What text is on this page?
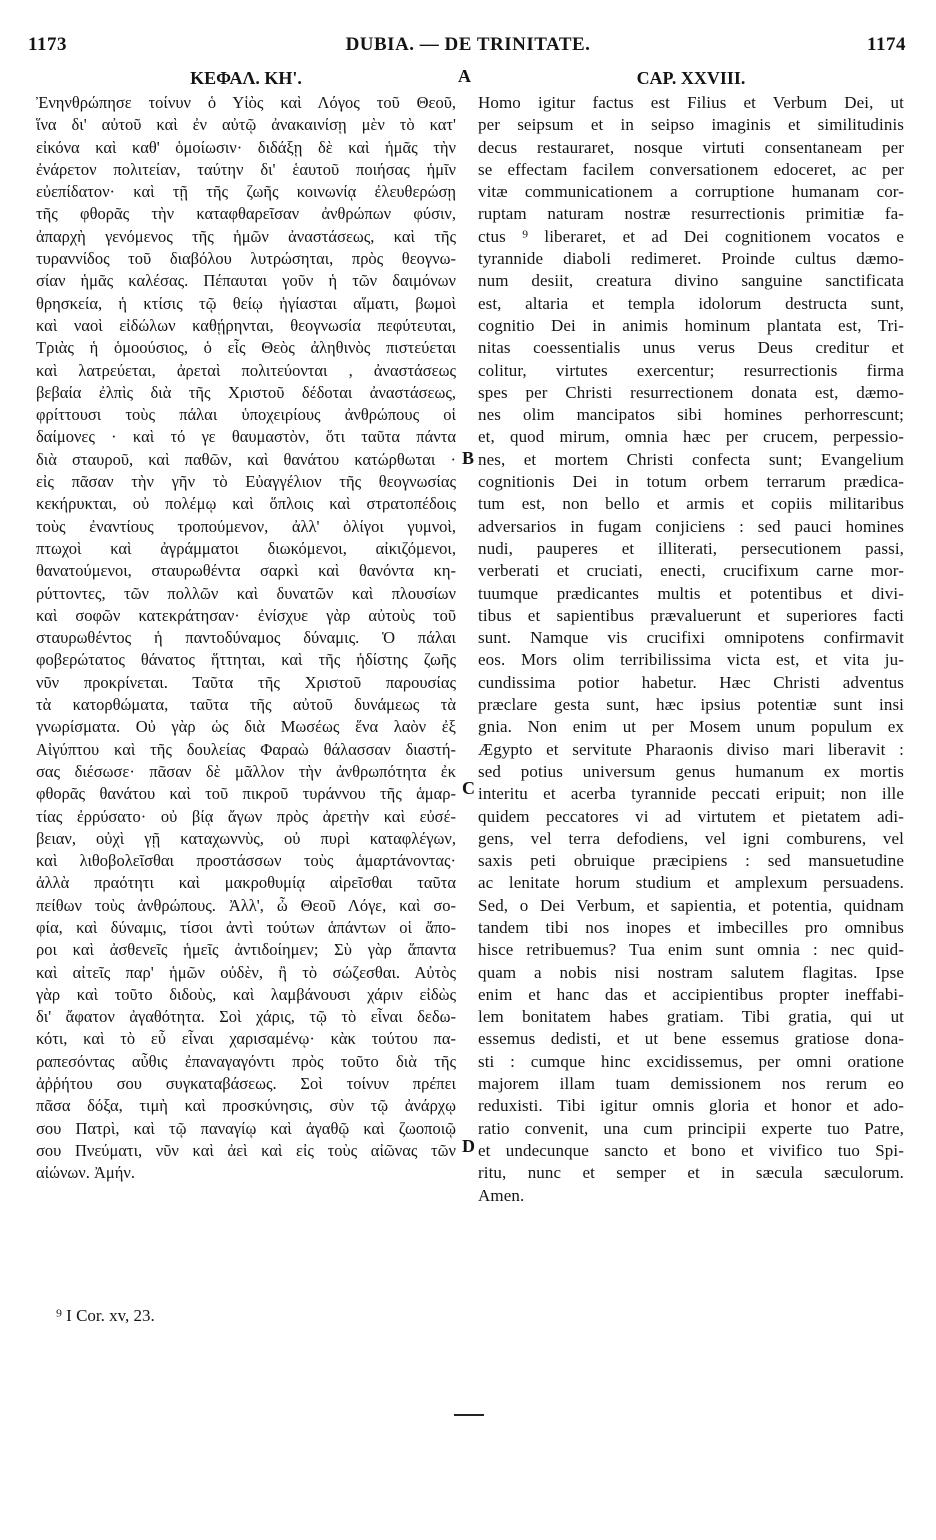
1173	DUBIA. — DE TRINITATE.	1174
ΚΕΦΑΛ. ΚΗ'.
Ἐνηνθρώπησε τοίνυν ὁ Υἱὸς καὶ Λόγος τοῦ Θεοῦ,
ἵνα δι' αὐτοῦ καὶ ἐν αὐτῷ ἀνακαινίσῃ μὲν τὸ κατ'
εἰκόνα καὶ καθ' ὁμοίωσιν· διδάξῃ δὲ καὶ ἡμᾶς τὴν
ἐνάρετον πολιτείαν, ταύτην δι' ἑαυτοῦ ποιήσας ἡμῖν
εὐεπίδατον· καὶ τῇ τῆς ζωῆς κοινωνίᾳ ἐλευθερώσῃ
τῆς φθορᾶς τὴν καταφθαρεῖσαν ἀνθρώπων φύσιν,
ἀπαρχὴ γενόμενος τῆς ἡμῶν ἀναστάσεως, καὶ τῆς
τυραννίδος τοῦ διαβόλου λυτρώσηται, πρὸς θεογνω-
σίαν ἡμᾶς καλέσας. Πέπαυται γοῦν ἡ τῶν δαιμόνων
θρησκεία, ἡ κτίσις τῷ θείῳ ἡγίασται αἵματι, βωμοὶ
καὶ ναοὶ εἰδώλων καθῄρηνται, θεογνωσία πεφύτευται,
Τριὰς ἡ ὁμοούσιος, ὁ εἷς Θεὸς ἀληθινὸς πιστεύεται
καὶ λατρεύεται, ἀρεταὶ πολιτεύονται , ἀναστάσεως
βεβαία ἐλπὶς διὰ τῆς Χριστοῦ δέδοται ἀναστάσεως,
φρίττουσι τοὺς πάλαι ὑποχειρίους ἀνθρώπους οἱ
δαίμονες · καὶ τό γε θαυμαστὸν, ὅτι ταῦτα πάντα
διὰ σταυροῦ, καὶ παθῶν, καὶ θανάτου κατώρθωται ·
εἰς πᾶσαν τὴν γῆν τὸ Εὐαγγέλιον τῆς θεογνωσίας
κεκήρυκται, οὐ πολέμῳ καὶ ὅπλοις καὶ στρατοπέδοις
τοὺς ἐναντίους τροπούμενον, ἀλλ' ὀλίγοι γυμνοὶ,
πτωχοὶ καὶ ἀγράμματοι διωκόμενοι, αἰκιζόμενοι,
θανατούμενοι, σταυρωθέντα σαρκὶ καὶ θανόντα κη-
ρύττοντες, τῶν πολλῶν καὶ δυνατῶν καὶ πλουσίων
καὶ σοφῶν κατεκράτησαν· ἐνίσχυε γὰρ αὐτοὺς τοῦ
σταυρωθέντος ἡ παντοδύναμος δύναμις. Ὁ πάλαι
φοβερώτατος θάνατος ἥττηται, καὶ τῆς ἡδίστης ζωῆς
νῦν προκρίνεται. Ταῦτα τῆς Χριστοῦ παρουσίας
τὰ κατορθώματα, ταῦτα τῆς αὐτοῦ δυνάμεως τὰ
γνωρίσματα. Οὐ γὰρ ὡς διὰ Μωσέως ἕνα λαὸν ἐξ
Αἰγύπτου καὶ τῆς δουλείας Φαραὼ θάλασσαν διαστή-
σας διέσωσε· πᾶσαν δὲ μᾶλλον τὴν ἀνθρωπότητα ἐκ
φθορᾶς θανάτου καὶ τοῦ πικροῦ τυράννου τῆς ἁμαρ-
τίας ἐρρύσατο· οὐ βίᾳ ἄγων πρὸς ἀρετὴν καὶ εὐσέ-
βειαν, οὐχὶ γῇ καταχωννὺς, οὐ πυρὶ καταφλέγων,
καὶ λιθοβολεῖσθαι προστάσσων τοὺς ἁμαρτάνοντας·
ἀλλὰ πραότητι καὶ μακροθυμίᾳ αἱρεῖσθαι ταῦτα
πείθων τοὺς ἀνθρώπους. Ἀλλ', ὦ Θεοῦ Λόγε, καὶ σο-
φία, καὶ δύναμις, τίσοι ἀντὶ τούτων ἁπάντων οἱ ἄπο-
ροι καὶ ἀσθενεῖς ἡμεῖς ἀντιδοίημεν; Σὺ γὰρ ἅπαντα
καὶ αἰτεῖς παρ' ἡμῶν οὐδὲν, ἢ τὸ σώζεσθαι. Αὐτὸς
γὰρ καὶ τοῦτο διδοὺς, καὶ λαμβάνουσι χάριν εἰδὼς
δι' ἄφατον ἀγαθότητα. Σοὶ χάρις, τῷ τὸ εἶναι δεδω-
κότι, καὶ τὸ εὖ εἶναι χαρισαμένῳ· κὰκ τούτου πα-
ραπεσόντας αὖθις ἐπαναγαγόντι πρὸς τοῦτο διὰ τῆς
ἀῤῥήτου σου συγκαταβάσεως. Σοὶ τοίνυν πρέπει
πᾶσα δόξα, τιμὴ καὶ προσκύνησις, σὺν τῷ ἀνάρχῳ
σου Πατρὶ, καὶ τῷ παναγίῳ καὶ ἀγαθῷ καὶ ζωοποιῷ
σου Πνεύματι, νῦν καὶ ἀεὶ καὶ εἰς τοὺς αἰῶνας τῶν
αἰώνων. Ἀμήν.
CAP. XXVIII.
Homo igitur factus est Filius et Verbum Dei, ut
per seipsum et in seipso imaginis et similitudinis
decus restauraret, nosque virtuti consentaneam per
se effectam facilem conversationem edoceret, ac per
vitæ communicationem a corruptione humanam cor-
ruptam naturam nostræ resurrectionis primitiæ fa-
ctus ⁹ liberaret, et ad Dei cognitionem vocatos e
tyrannide diaboli redimeret. Proinde cultus dæmo-
num desiit, creatura divino sanguine sanctificata
est, altaria et templa idolorum destructa sunt,
cognitio Dei in animis hominum plantata est, Tri-
nitas coessentialis unus verus Deus creditur et
colitur, virtutes exercentur; resurrectionis firma
spes per Christi resurrectionem donata est, dæmo-
nes olim mancipatos sibi homines perhorrescunt;
et, quod mirum, omnia hæc per crucem, perpessio-
nes, et mortem Christi confecta sunt; Evangelium
cognitionis Dei in totum orbem terrarum prædica-
tum est, non bello et armis et copiis militaribus
adversarios in fugam conjiciens : sed pauci homines
nudi, pauperes et illiterati, persecutionem passi,
verberati et cruciati, enecti, crucifixum carne mor-
tuumque prædicantes multis et potentibus et divi-
tibus et sapientibus prævaluerunt et superiores facti
sunt. Namque vis crucifixi omnipotens confirmavit
eos. Mors olim terribilissima victa est, et vita ju-
cundissima potior habetur. Hæc Christi adventus
præclare gesta sunt, hæc ipsius potentiæ sunt insi
gnia. Non enim ut per Mosem unum populum ex
Ægypto et servitute Pharaonis diviso mari liberavit :
sed potius universum genus humanum ex mortis
interitu et acerba tyrannide peccati eripuit; non ille
quidem peccatores vi ad virtutem et pietatem adi-
gens, vel terra defodiens, vel igni comburens, vel
saxis peti obruique præcipiens : sed mansuetudine
ac lenitate horum studium et amplexum persuadens.
Sed, o Dei Verbum, et sapientia, et potentia, quidnam
tandem tibi nos inopes et imbecilles pro omnibus
hisce retribuemus? Tua enim sunt omnia : nec quid-
quam a nobis nisi nostram salutem flagitas. Ipse
enim et hanc das et accipientibus propter ineffabi-
lem bonitatem habes gratiam. Tibi gratia, qui ut
essemus dedisti, et ut bene essemus gratiose dona-
sti : cumque hinc excidissemus, per omni oratione
majorem illam tuam demissionem nos rerum eo
reduxisti. Tibi igitur omnis gloria et honor et ado-
ratio convenit, una cum principii experte tuo Patre,
et undecunque sancto et bono et vivifico tuo Spi-
ritu, nunc et semper et in sæcula sæculorum.
Amen.
A
B
C
D
⁹ I Cor. xv, 23.
